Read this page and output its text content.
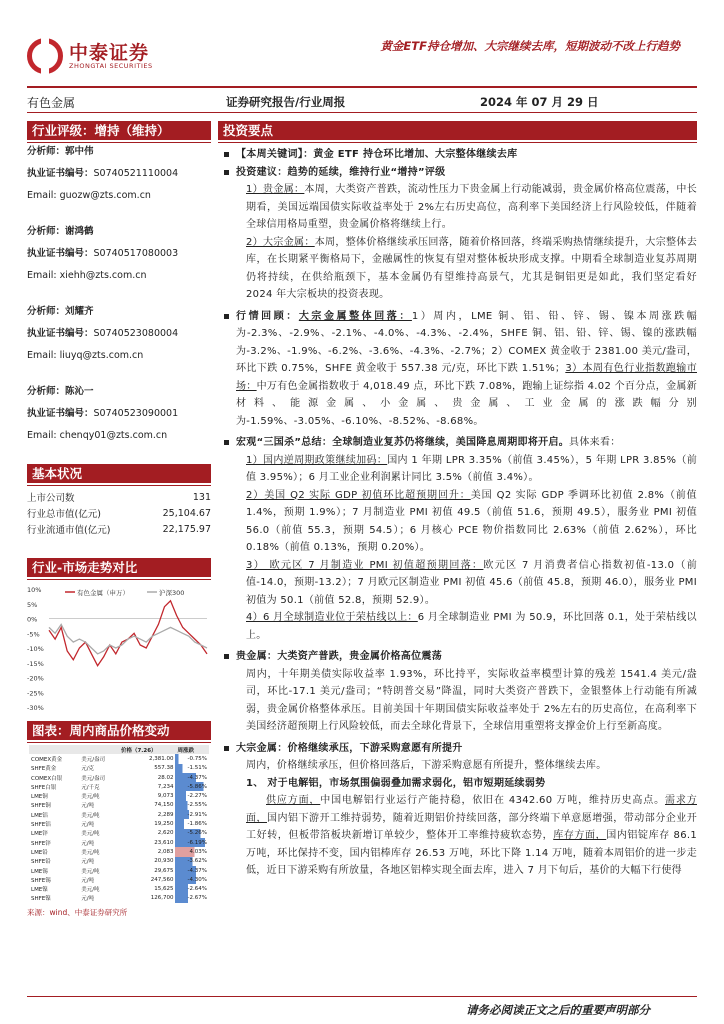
中泰证券
ZHONGTAI SECURITIES
黄金ETF持仓增加、大宗继续去库，短期波动不改上行趋势
有色金属	证券研究报告/行业周报	2024 年 07 月 29 日
行业评级：增持（维持）
分析师：郭中伟
执业证书编号：S0740521110004
Email: guozw@zts.com.cn
分析师：谢鸿鹤
执业证书编号：S0740517080003
Email: xiehh@zts.com.cn
分析师：刘耀齐
执业证书编号：S0740523080004
Email: liuyq@zts.com.cn
分析师：陈沁一
执业证书编号：S0740523090001
Email: chenqy01@zts.com.cn
基本状况
上市公司数	131
行业总市值(亿元)	25,104.67
行业流通市值(亿元)	22,175.97
行业-市场走势对比
10%
5%
0%
-5%
-10%
-15%
-20%
-25%
-30%
有色金属（申万）	沪深300
图表：周内商品价格变动
		价格（7.26）	周涨跌
COMEX黄金	美元/盎司	2,381.00	-0.75%
SHFE黄金	元/克	557.38	-1.51%
COMEX白银	美元/盎司	28.02	-4.37%
SHFE白银	元/千克	7,234	-5.86%
LME铜	美元/吨	9,073	-2.27%
SHFE铜	元/吨	74,150	-2.55%
LME铝	美元/吨	2,289	-2.91%
SHFE铝	元/吨	19,250	-1.86%
LME锌	美元/吨	2,620	-5.26%
SHFE锌	元/吨	23,610	-6.19%
LME铅	美元/吨	2,083	4.03%
SHFE铅	元/吨	20,930	-3.62%
LME锡	美元/吨	29,675	-4.37%
SHFE锡	元/吨	247,560	-4.30%
LME镍	美元/吨	15,625	-2.64%
SHFE镍	元/吨	126,700	-2.67%
来源：wind、中泰证券研究所
投资要点
【本周关键词】：黄金 ETF 持仓环比增加、大宗整体继续去库
投资建议：趋势的延续，维持行业“增持”评级
1）贵金属：本周，大类资产普跌，流动性压力下贵金属上行动能减弱，贵金属价格高位震荡，中长期看，美国远端国债实际收益率处于 2%左右历史高位，高利率下美国经济上行风险较低，伴随着全球信用格局重塑，贵金属价格将继续上行。
2）大宗金属：本周，整体价格继续承压回落，随着价格回落，终端采购热情继续提升，大宗整体去库，在长期紧平衡格局下，金融属性的恢复有望对整体板块形成支撑。中期看全球制造业复苏周期仍将持续，在供给瓶颈下，基本金属仍有望维持高景气，尤其是铜铝更是如此，我们坚定看好 2024 年大宗板块的投资表现。
行情回顾：大宗金属整体回落：1）周内，LME 铜、铝、铅、锌、锡、镍本周涨跌幅为-2.3%、-2.9%、-2.1%、-4.0%、-4.3%、-2.4%，SHFE 铜、铝、铅、锌、锡、镍的涨跌幅为-3.2%、-1.9%、-6.2%、-3.6%、-4.3%、-2.7%；2）COMEX 黄金收于 2381.00 美元/盎司，环比下跌 0.75%，SHFE 黄金收于 557.38 元/克，环比下跌 1.51%；3）本周有色行业指数跑输市场：中万有色金属指数收于 4,018.49 点，环比下跌 7.08%，跑输上证综指 4.02 个百分点，金属新材料、能源金属、小金属、贵金属、工业金属的涨跌幅分别为-1.59%、-3.05%、-6.10%、-8.52%、-8.68%。
宏观“三国杀”总结：全球制造业复苏仍将继续，美国降息周期即将开启。具体来看：
1）国内逆周期政策继续加码：国内 1 年期 LPR 3.35%（前值 3.45%），5 年期 LPR 3.85%（前值 3.95%）；6 月工业企业利润累计同比 3.5%（前值 3.4%）。
2）美国 Q2 实际 GDP 初值环比超预期回升：美国 Q2 实际 GDP 季调环比初值 2.8%（前值 1.4%，预期 1.9%）；7 月制造业 PMI 初值 49.5（前值 51.6，预期 49.5），服务业 PMI 初值 56.0（前值 55.3，预期 54.5）；6 月核心 PCE 物价指数同比 2.63%（前值 2.62%），环比 0.18%（前值 0.13%，预期 0.20%）。
3） 欧元区 7 月制造业 PMI 初值超预期回落：欧元区 7 月消费者信心指数初值-13.0（前值-14.0，预期-13.2）；7 月欧元区制造业 PMI 初值 45.6（前值 45.8，预期 46.0），服务业 PMI 初值为 50.1（前值 52.8，预期 52.9）。
4）6 月全球制造业位于荣枯线以上：6 月全球制造业 PMI 为 50.9，环比回落 0.1，处于荣枯线以上。
贵金属：大类资产普跌，贵金属价格高位震荡
周内，十年期美债实际收益率 1.93%，环比持平，实际收益率模型计算的残差 1541.4 美元/盎司，环比-17.1 美元/盎司；“特朗普交易”降温，同时大类资产普跌下，金银整体上行动能有所减弱，贵金属价格整体承压。目前美国十年期国债实际收益率处于 2%左右的历史高位，在高利率下美国经济超预期上行风险较低，而去全球化背景下，全球信用重塑将支撑金价上行至新高度。
大宗金属：价格继续承压，下游采购意愿有所提升
周内，价格继续承压，但价格回落后，下游采购意愿有所提升，整体继续去库。
1、 对于电解铝，市场氛围偏弱叠加需求弱化，铝市短期延续弱势
供应方面，中国电解铝行业运行产能持稳，依旧在 4342.60 万吨，维持历史高点。需求方面，国内铝下游开工维持弱势，随着近期铝价持续回落，部分终端下单意愿增强，带动部分企业开工好转，但板带箔板块新增订单较少，整体开工率维持疲软态势，库存方面，国内铝锭库存 86.1 万吨，环比保持不变，国内铝棒库存 26.53 万吨，环比下降 1.14 万吨，随着本周铝价的进一步走低，近日下游采购有所放量，各地区铝棒实现全面去库，进入 7 月下旬后，基价的大幅下行使得
请务必阅读正文之后的重要声明部分
